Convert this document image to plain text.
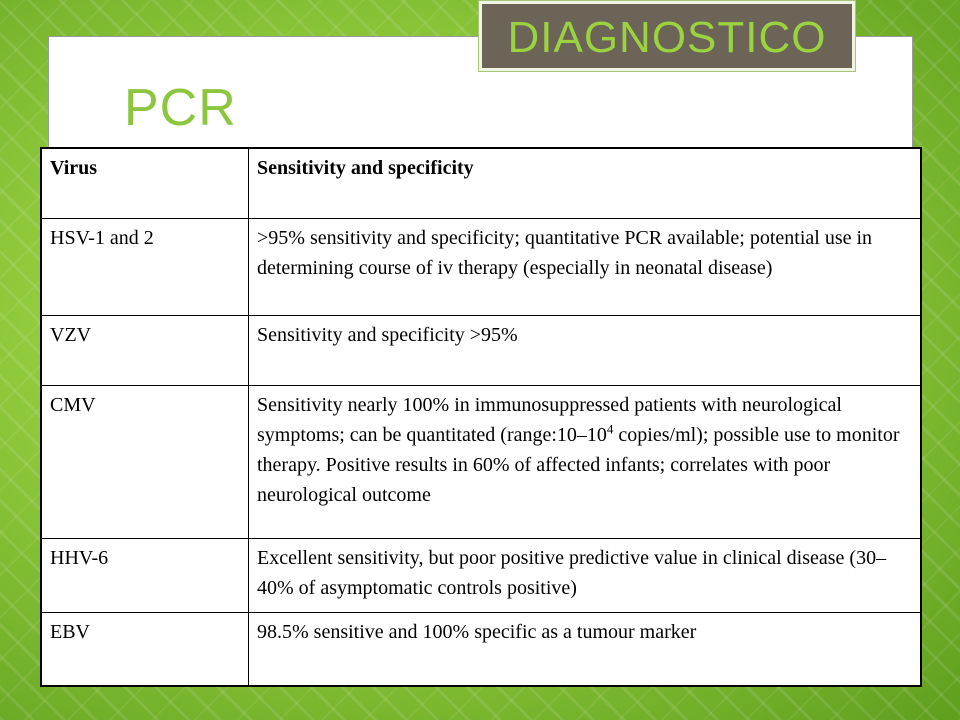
DIAGNOSTICO
PCR
Virus	Sensitivity and specificity
HSV-1 and 2	>95% sensitivity and specificity; quantitative PCR available; potential use in determining course of iv therapy (especially in neonatal disease)
VZV	Sensitivity and specificity >95%
CMV	Sensitivity nearly 100% in immunosuppressed patients with neurological symptoms; can be quantitated ($range:10-10^4$ copies/ml); possible use to monitor therapy. Positive results in 60% of affected infants; correlates with poor neurological outcome
HHV-6	Excellent sensitivity, but poor positive predictive value in clinical disease (30–40% of asymptomatic controls positive)
EBV	98.5% sensitive and 100% specific as a tumour marker
